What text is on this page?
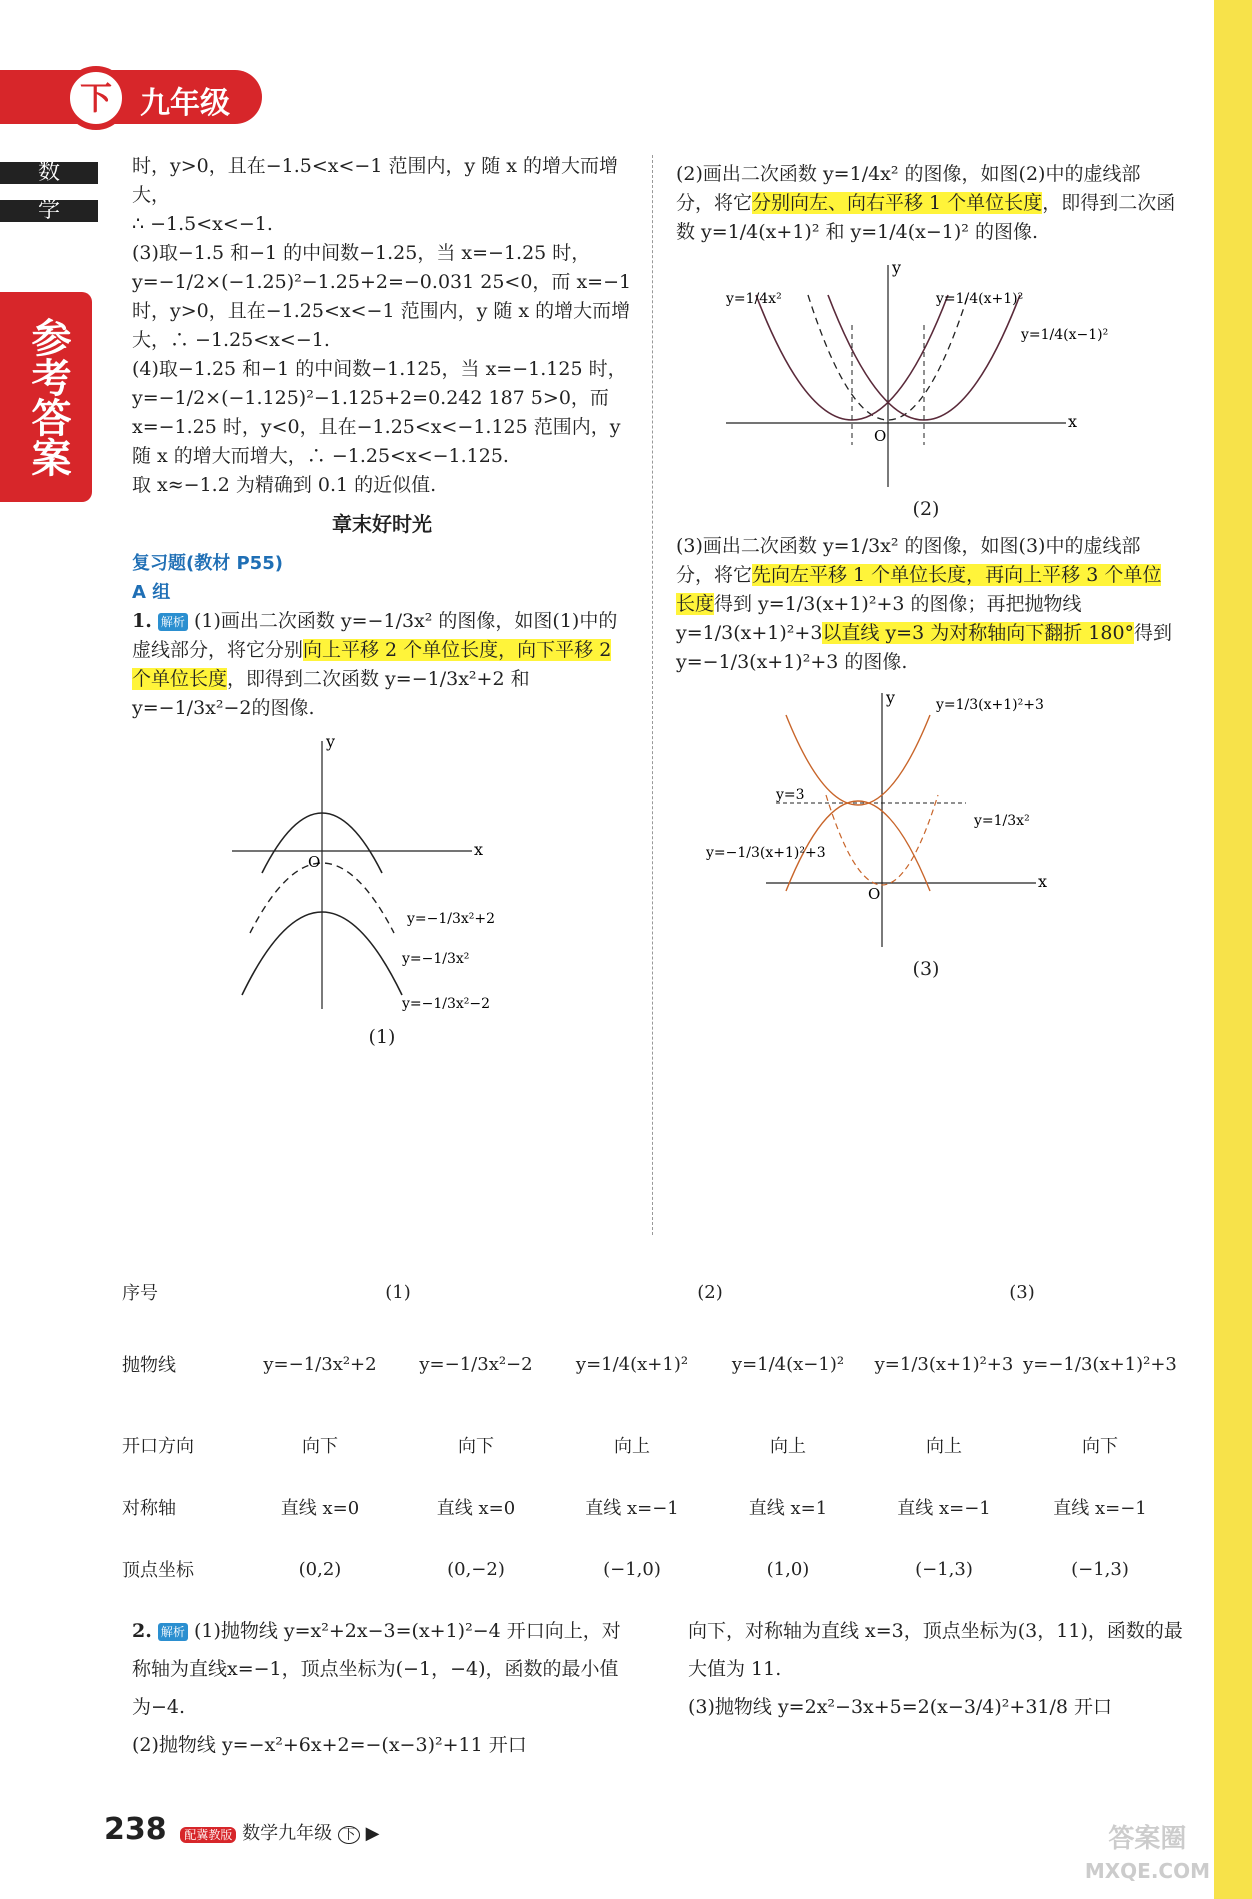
下 九年级
数
学
参考答案

时，y>0，且在−1.5<x<−1 范围内，y 随 x 的增大而增大，

∴ −1.5<x<−1.

(3)取−1.5 和−1 的中间数−1.25，当 x=−1.25 时，y=−1/2×(−1.25)²−1.25+2=−0.031 25<0，而 x=−1 时，y>0，且在−1.25<x<−1 范围内，y 随 x 的增大而增大，∴ −1.25<x<−1.

(4)取−1.25 和−1 的中间数−1.125，当 x=−1.125 时，y=−1/2×(−1.125)²−1.125+2=0.242 187 5>0，而 x=−1.25 时，y<0，且在−1.25<x<−1.125 范围内，y 随 x 的增大而增大，∴ −1.25<x<−1.125.

取 x≈−1.2 为精确到 0.1 的近似值.

章末好时光
复习题(教材 P55)
A 组

1. 解析 (1)画出二次函数 y=−1/3x² 的图像，如图(1)中的虚线部分，将它分别向上平移 2 个单位长度，向下平移 2 个单位长度，即得到二次函数 y=−1/3x²+2 和 y=−1/3x²−2的图像.

y
x
O
y=−1/3x²+2
y=−1/3x²
y=−1/3x²−2
(1)

(2)画出二次函数 y=1/4x² 的图像，如图(2)中的虚线部分，将它分别向左、向右平移 1 个单位长度，即得到二次函数 y=1/4(x+1)² 和 y=1/4(x−1)² 的图像.

y
x
O
y=1/4x²	y=1/4(x+1)²
y=1/4(x−1)²
(2)

(3)画出二次函数 y=1/3x² 的图像，如图(3)中的虚线部分，将它先向左平移 1 个单位长度，再向上平移 3 个单位长度得到 y=1/3(x+1)²+3 的图像；再把抛物线 y=1/3(x+1)²+3以直线 y=3 为对称轴向下翻折 180°得到 y=−1/3(x+1)²+3 的图像.

y
x
O
y=1/3(x+1)²+3
y=3
y=1/3x²
y=−1/3(x+1)²+3
(3)
序号	(1)	(2)	(3)
抛物线	y=−1/3x²+2	y=−1/3x²−2	y=1/4(x+1)²	y=1/4(x−1)²	y=1/3(x+1)²+3 y=−1/3(x+1)²+3
开口方向	向下	向下	向上	向上	向上	向下
对称轴	直线 x=0	直线 x=0	直线 x=−1	直线 x=1	直线 x=−1	直线 x=−1
顶点坐标	(0,2)	(0,−2)	(−1,0)	(1,0)	(−1,3)	(−1,3)

2. 解析 (1)抛物线 y=x²+2x−3=(x+1)²−4 开口向上，对称轴为直线x=−1，顶点坐标为(−1，−4)，函数的最小值为−4.

(2)抛物线 y=−x²+6x+2=−(x−3)²+11 开口

向下，对称轴为直线 x=3，顶点坐标为(3，11)，函数的最大值为 11.

(3)抛物线 y=2x²−3x+5=2(x−3/4)²+31/8 开口

238 配冀教版 数学九年级 下 ▶	答案圈
MXQE.COM
